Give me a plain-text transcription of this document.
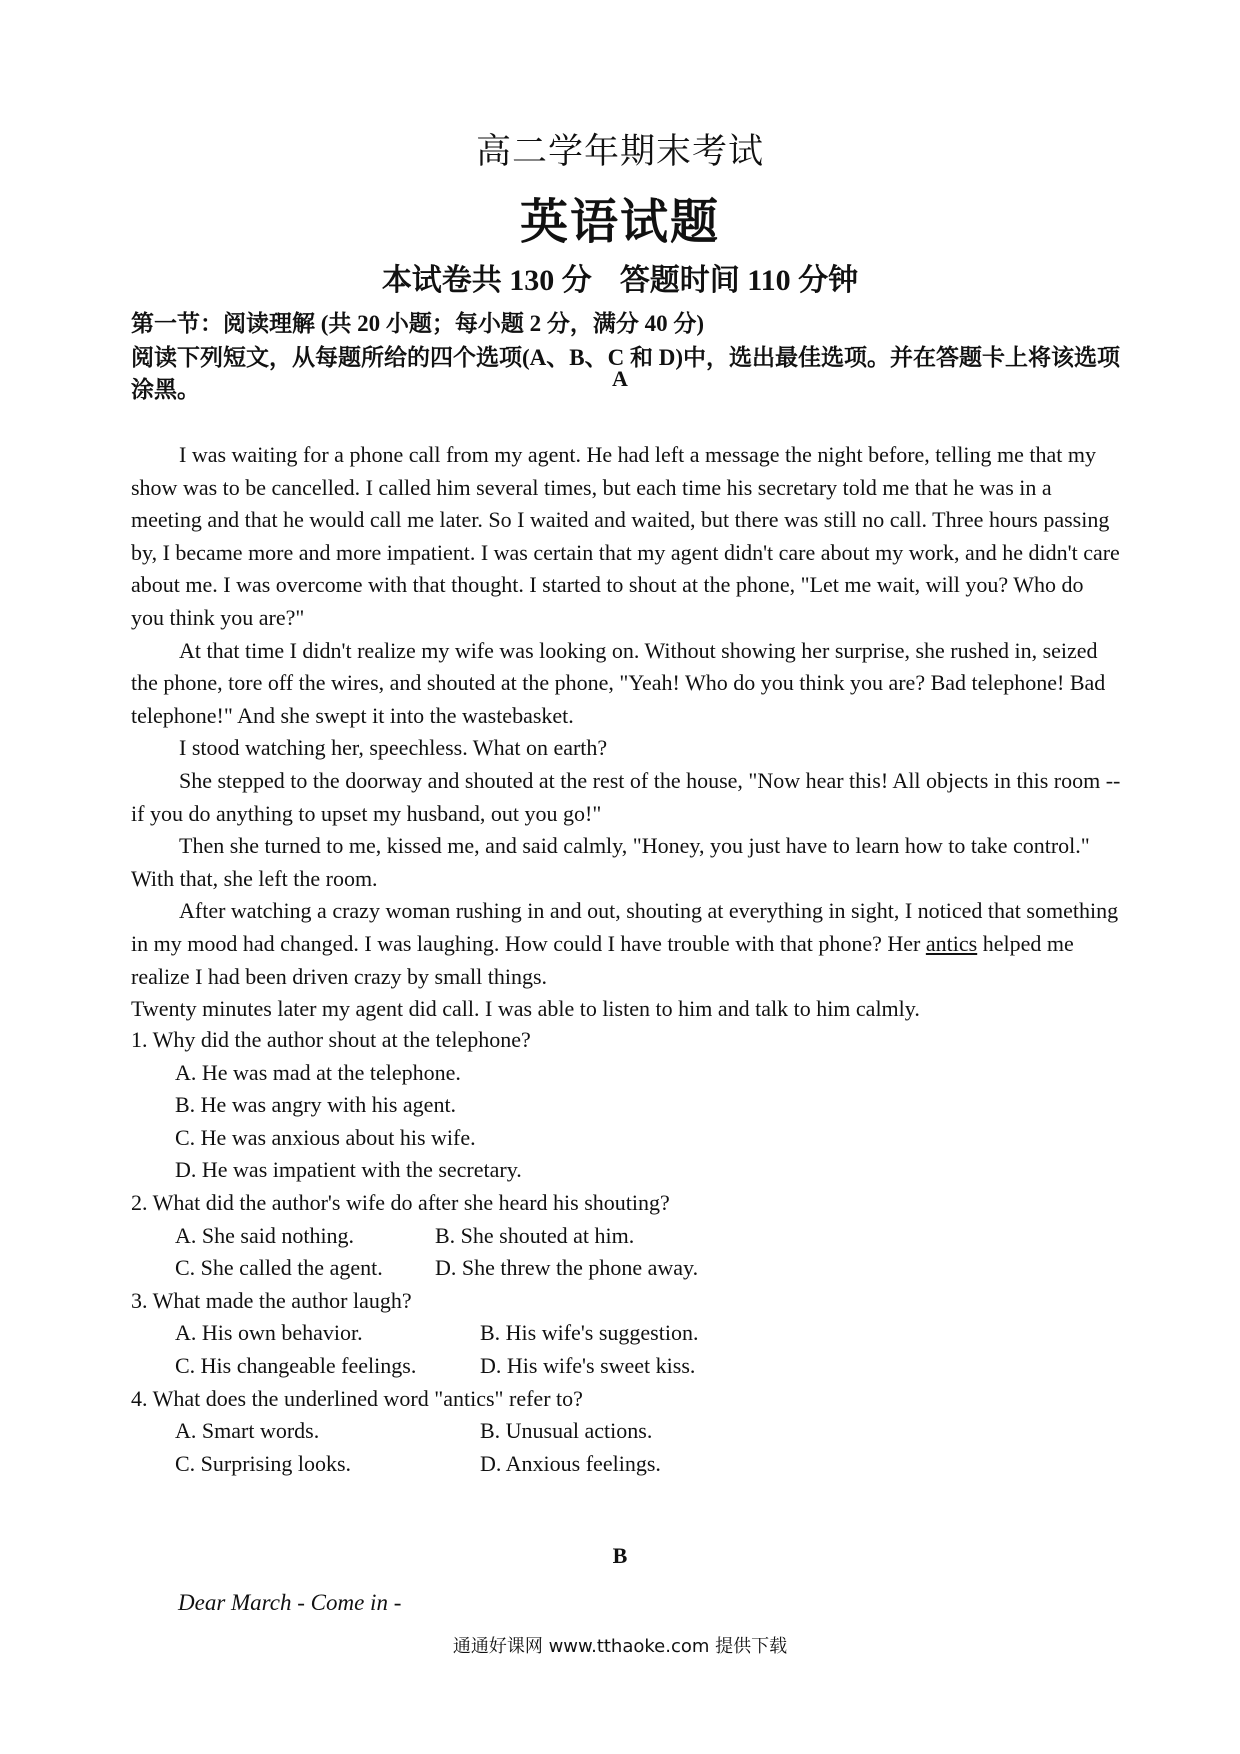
高二学年期末考试
英语试题
本试卷共 130 分 答题时间 110 分钟
第一节：阅读理解 (共 20 小题；每小题 2 分，满分 40 分)
阅读下列短文，从每题所给的四个选项(A、B、C 和 D)中，选出最佳选项。并在答题卡上将该选项涂黑。	A

I was waiting for a phone call from my agent. He had left a message the night before, telling me that my show was to be cancelled. I called him several times, but each time his secretary told me that he was in a meeting and that he would call me later. So I waited and waited, but there was still no call. Three hours passing by, I became more and more impatient. I was certain that my agent didn't care about my work, and he didn't care about me. I was overcome with that thought. I started to shout at the phone, "Let me wait, will you? Who do you think you are?"

At that time I didn't realize my wife was looking on. Without showing her surprise, she rushed in, seized the phone, tore off the wires, and shouted at the phone, "Yeah! Who do you think you are? Bad telephone! Bad telephone!" And she swept it into the wastebasket.

I stood watching her, speechless. What on earth?

She stepped to the doorway and shouted at the rest of the house, "Now hear this! All objects in this room -- if you do anything to upset my husband, out you go!"

Then she turned to me, kissed me, and said calmly, "Honey, you just have to learn how to take control." With that, she left the room.

After watching a crazy woman rushing in and out, shouting at everything in sight, I noticed that something in my mood had changed. I was laughing. How could I have trouble with that phone? Her antics helped me realize I had been driven crazy by small things.

Twenty minutes later my agent did call. I was able to listen to him and talk to him calmly.

1. Why did the author shout at the telephone?

A. He was mad at the telephone.
B. He was angry with his agent.
C. He was anxious about his wife.
D. He was impatient with the secretary.

2. What did the author's wife do after she heard his shouting?

A. She said nothing.	B. She shouted at him.
C. She called the agent.	D. She threw the phone away.

3. What made the author laugh?

A. His own behavior.	B. His wife's suggestion.
C. His changeable feelings.	D. His wife's sweet kiss.

4. What does the underlined word "antics" refer to?

A. Smart words.	B. Unusual actions.
C. Surprising looks.	D. Anxious feelings.
B
Dear March - Come in -
通通好课网 www.tthaoke.com 提供下载
